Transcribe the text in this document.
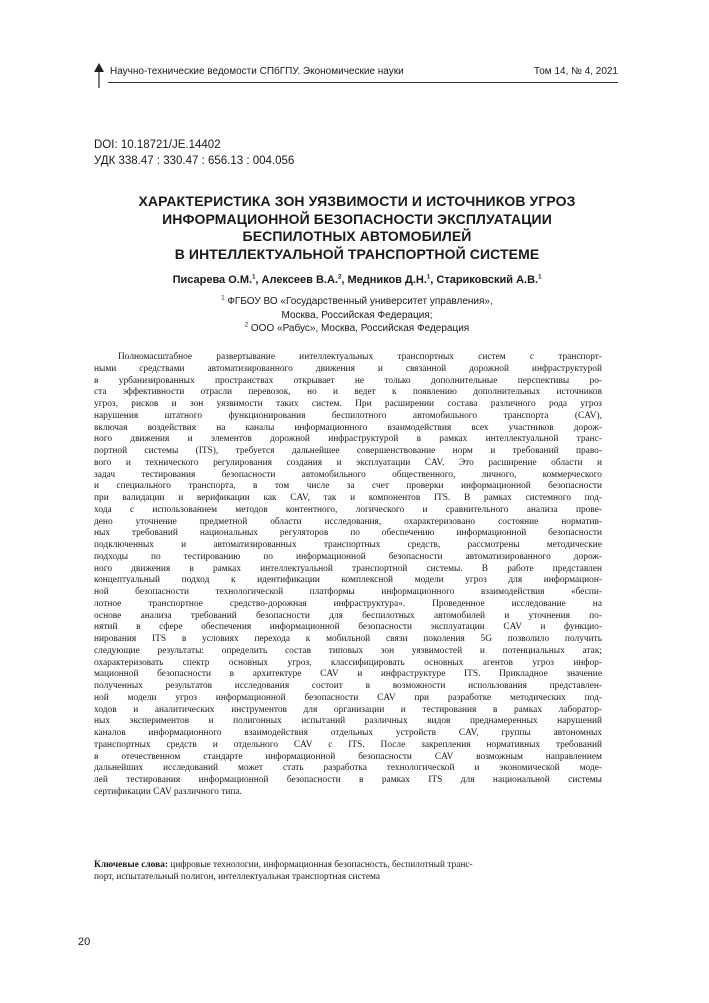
Научно-технические ведомости СПбГПУ. Экономические науки	Том 14, № 4, 2021
DOI: 10.18721/JE.14402
УДК 338.47 : 330.47 : 656.13 : 004.056
ХАРАКТЕРИСТИКА ЗОН УЯЗВИМОСТИ И ИСТОЧНИКОВ УГРОЗ
ИНФОРМАЦИОННОЙ БЕЗОПАСНОСТИ ЭКСПЛУАТАЦИИ
БЕСПИЛОТНЫХ АВТОМОБИЛЕЙ
В ИНТЕЛЛЕКТУАЛЬНОЙ ТРАНСПОРТНОЙ СИСТЕМЕ
Писарева О.М.$^1$, Алексеев В.А.$^2$, Медников Д.Н.$^1$, Стариковский А.В.$^1$
$^1$ ФГБОУ ВО «Государственный университет управления»,
Москва, Российская Федерация;
$^2$ ООО «Рабус», Москва, Российская Федерация
Полномасштабное развертывание интеллектуальных транспортных систем с транспорт-
ными средствами автоматизированного движения и связанной дорожной инфраструктурой
в урбанизированных пространствах открывает не только дополнительные перспективы ро-
ста эффективности отрасли перевозок, но и ведет к появлению дополнительных источников
угроз, рисков и зон уязвимости таких систем. При расширении состава различного рода угроз
нарушения штатного функционирования беспилотного автомобильного транспорта (CAV),
включая воздействия на каналы информационного взаимодействия всех участников дорож-
ного движения и элементов дорожной инфраструктурой в рамках интеллектуальной транс-
портной системы (ITS), требуется дальнейшее совершенствование норм и требований право-
вого и технического регулирования создания и эксплуатации CAV. Это расширение области и
задач тестирования безопасности автомобильного общественного, личного, коммерческого
и специального транспорта, в том числе за счет проверки информационной безопасности
при валидации и верификации как CAV, так и компонентов ITS. В рамках системного под-
хода с использованием методов контентного, логического и сравнительного анализа прове-
дено уточнение предметной области исследования, охарактеризовано состояние норматив-
ных требований национальных регуляторов по обеспечению информационной безопасности
подключенных и автоматизированных транспортных средств, рассмотрены методические
подходы по тестированию по информационной безопасности автоматизированного дорож-
ного движения в рамках интеллектуальной транспортной системы. В работе представлен
концептуальный подход к идентификации комплексной модели угроз для информацион-
ной безопасности технологической платформы информационного взаимодействия «беспи-
лотное транспортное средство-дорожная инфраструктура». Проведенное исследование на
основе анализа требований безопасности для беспилотных автомобилей и уточнения по-
нятий в сфере обеспечения информационной безопасности эксплуатации CAV и функцио-
нирования ITS в условиях перехода к мобильной связи поколения 5G позволило получить
следующие результаты: определить состав типовых зон уязвимостей и потенциальных атак;
охарактеризовать спектр основных угроз, классифицировать основных агентов угроз инфор-
мационной безопасности в архитектуре CAV и инфраструктуре ITS. Прикладное значение
полученных результатов исследования состоит в возможности использования представлен-
ной модели угроз информационной безопасности CAV при разработке методических под-
ходов и аналитических инструментов для организации и тестирования в рамках лаборатор-
ных экспериментов и полигонных испытаний различных видов преднамеренных нарушений
каналов информационного взаимодействия отдельных устройств CAV, группы автономных
транспортных средств и отдельного CAV с ITS. После закрепления нормативных требований
в отечественном стандарте информационной безопасности CAV возможным направлением
дальнейших исследований может стать разработка технологической и экономической моде-
лей тестирования информационной безопасности в рамках ITS для национальной системы
сертификации CAV различного типа.
Ключевые слова: цифровые технологии, информационная безопасность, беспилотный транс-
порт, испытательный полигон, интеллектуальная транспортная система
20
